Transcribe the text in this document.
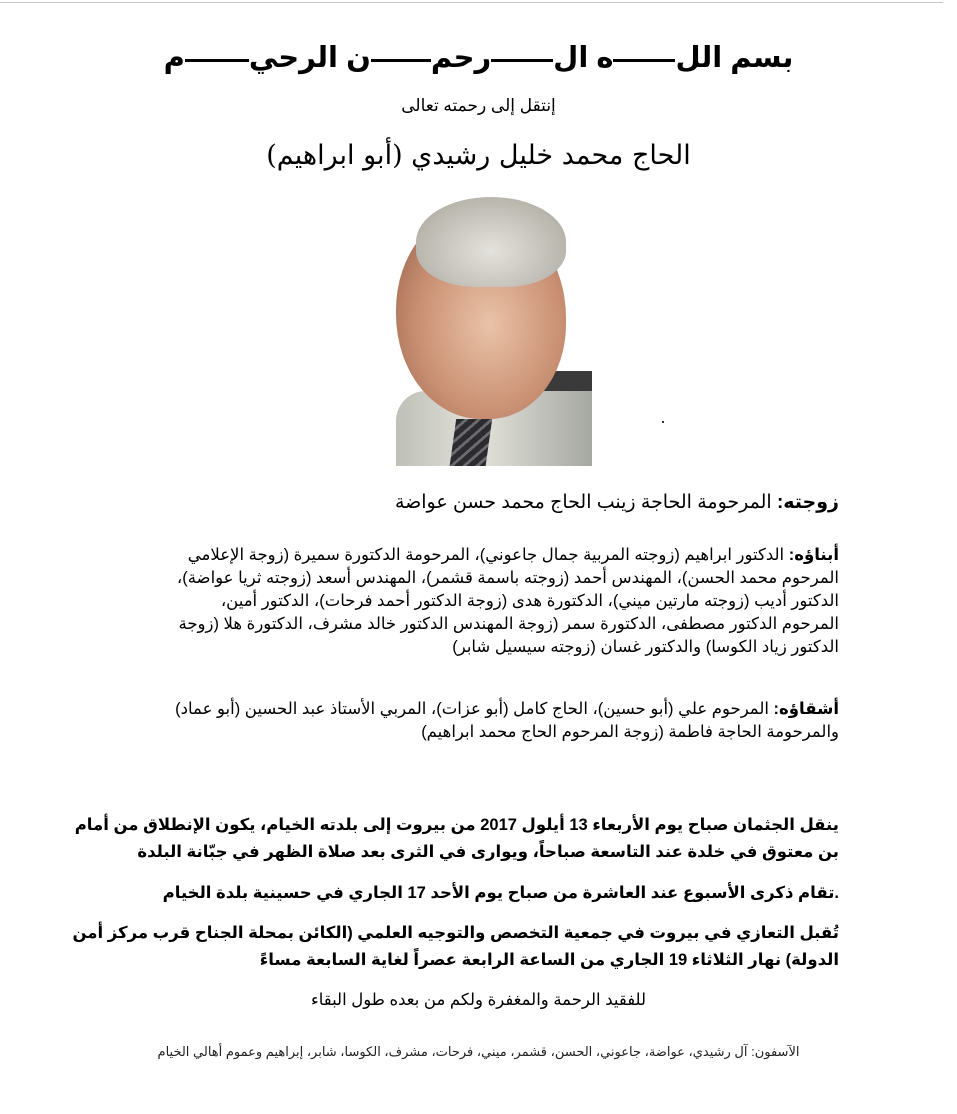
بسم الله الرحمن الرحيم
إنتقل إلى رحمته تعالى
الحاج محمد خليل رشيدي (أبو ابراهيم)
زوجته: المرحومة الحاجة زينب الحاج محمد حسن عواضة
أبناؤه: الدكتور ابراهيم (زوجته المربية جمال جاعوني)، المرحومة الدكتورة سميرة (زوجة الإعلامي
المرحوم محمد الحسن)، المهندس أحمد (زوجته باسمة قشمر)، المهندس أسعد (زوجته ثريا عواضة)،
الدكتور أديب (زوجته مارتين ميني)، الدكتورة هدى (زوجة الدكتور أحمد فرحات)، الدكتور أمين،
المرحوم الدكتور مصطفى، الدكتورة سمر (زوجة المهندس الدكتور خالد مشرف، الدكتورة هلا (زوجة
الدكتور زياد الكوسا) والدكتور غسان (زوجته سيسيل شابر)
أشقاؤه: المرحوم علي (أبو حسين)، الحاج كامل (أبو عزات)، المربي الأستاذ عبد الحسين (أبو عماد)
والمرحومة الحاجة فاطمة (زوجة المرحوم الحاج محمد ابراهيم)
ينقل الجثمان صباح يوم الأربعاء 13 أيلول 2017 من بيروت إلى بلدته الخيام، يكون الإنطلاق من أمام
بن معتوق في خلدة عند التاسعة صباحاً، ويوارى في الثرى بعد صلاة الظهر في جبّانة البلدة
.تقام ذكرى الأسبوع عند العاشرة من صباح يوم الأحد 17 الجاري في حسينية بلدة الخيام
تُقبل التعازي في بيروت في جمعية التخصص والتوجيه العلمي (الكائن بمحلة الجناح قرب مركز أمن
الدولة) نهار الثلاثاء 19 الجاري من الساعة الرابعة عصراً لغاية السابعة مساءً
للفقيد الرحمة والمغفرة ولكم من بعده طول البقاء
الآسفون: آل رشيدي، عواضة، جاعوني، الحسن، قشمر، ميني، فرحات، مشرف، الكوسا، شابر، إبراهيم وعموم أهالي الخيام
